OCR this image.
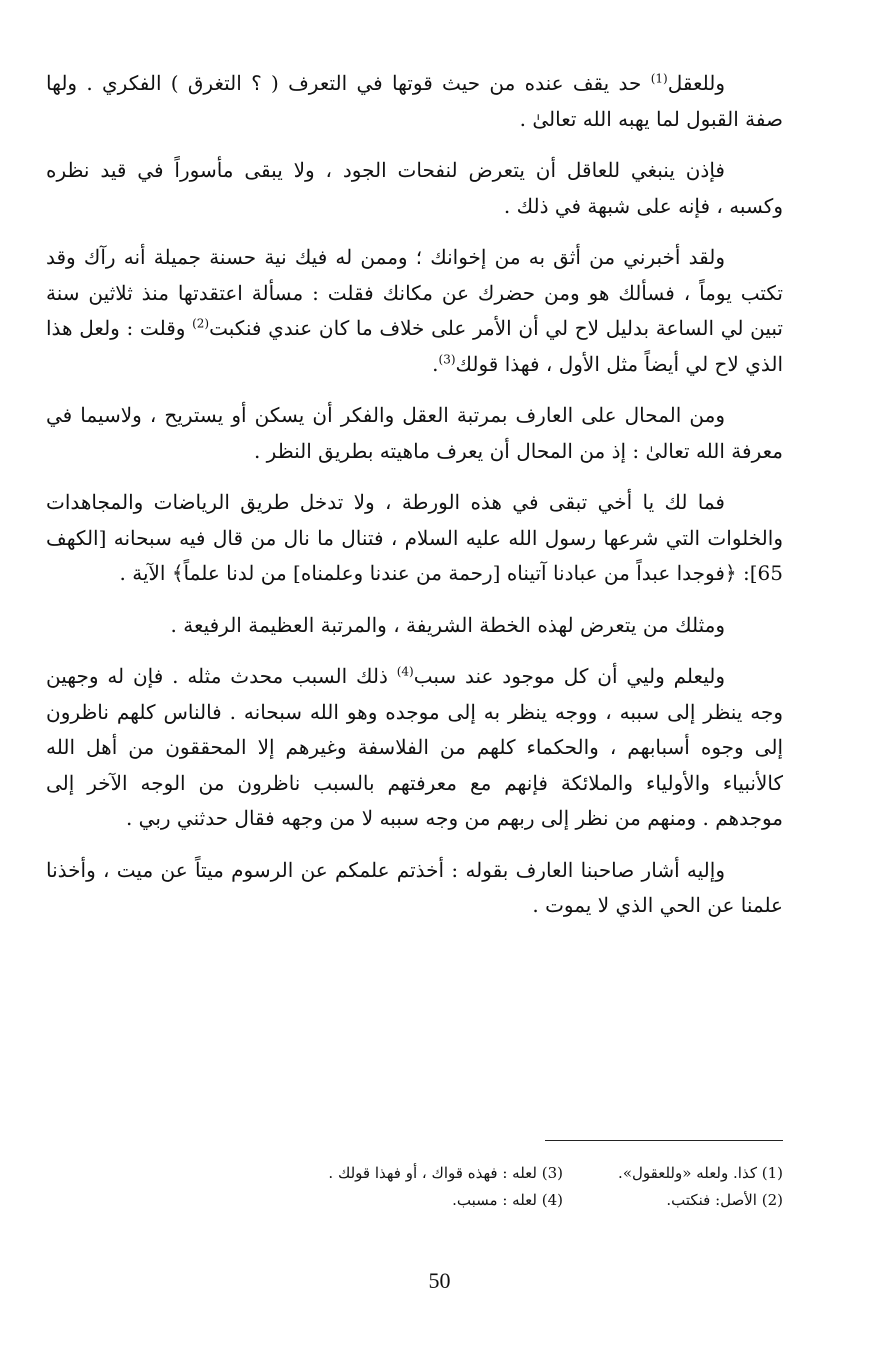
وللعقل$^{(1)}$ حد يقف عنده من حيث قوتها في التعرف ( ؟ التغرق ) الفكري . ولها صفة القبول لما يهبه الله تعالىٰ .

فإذن ينبغي للعاقل أن يتعرض لنفحات الجود ، ولا يبقى مأسوراً في قيد نظره وكسبه ، فإنه على شبهة في ذلك .

ولقد أخبرني من أثق به من إخوانك ؛ وممن له فيك نية حسنة جميلة أنه رآك وقد تكتب يوماً ، فسألك هو ومن حضرك عن مكانك فقلت : مسألة اعتقدتها منذ ثلاثين سنة تبين لي الساعة بدليل لاح لي أن الأمر على خلاف ما كان عندي فنكبت$^{(2)}$ وقلت : ولعل هذا الذي لاح لي أيضاً مثل الأول ، فهذا قولك$^{(3)}$.

ومن المحال على العارف بمرتبة العقل والفكر أن يسكن أو يستريح ، ولاسيما في معرفة الله تعالىٰ : إذ من المحال أن يعرف ماهيته بطريق النظر .

فما لك يا أخي تبقى في هذه الورطة ، ولا تدخل طريق الرياضات والمجاهدات والخلوات التي شرعها رسول الله عليه السلام ، فتنال ما نال من قال فيه سبحانه [الكهف 65]: ﴿فوجدا عبداً من عبادنا آتيناه [رحمة من عندنا وعلمناه] من لدنا علماً﴾ الآية .

ومثلك من يتعرض لهذه الخطة الشريفة ، والمرتبة العظيمة الرفيعة .

وليعلم وليي أن كل موجود عند سبب$^{(4)}$ ذلك السبب محدث مثله . فإن له وجهين وجه ينظر إلى سببه ، ووجه ينظر به إلى موجده وهو الله سبحانه . فالناس كلهم ناظرون إلى وجوه أسبابهم ، والحكماء كلهم من الفلاسفة وغيرهم إلا المحققون من أهل الله كالأنبياء والأولياء والملائكة فإنهم مع معرفتهم بالسبب ناظرون من الوجه الآخر إلى موجدهم . ومنهم من نظر إلى ربهم من وجه سببه لا من وجهه فقال حدثني ربي .

وإليه أشار صاحبنا العارف بقوله : أخذتم علمكم عن الرسوم ميتاً عن ميت ، وأخذنا علمنا عن الحي الذي لا يموت .

(1) كذا. ولعله «وللعقول».
(3) لعله : فهذه قواك ، أو فهذا قولك .
(2) الأصل: فنكتب.
(4) لعله : مسبب.
50
